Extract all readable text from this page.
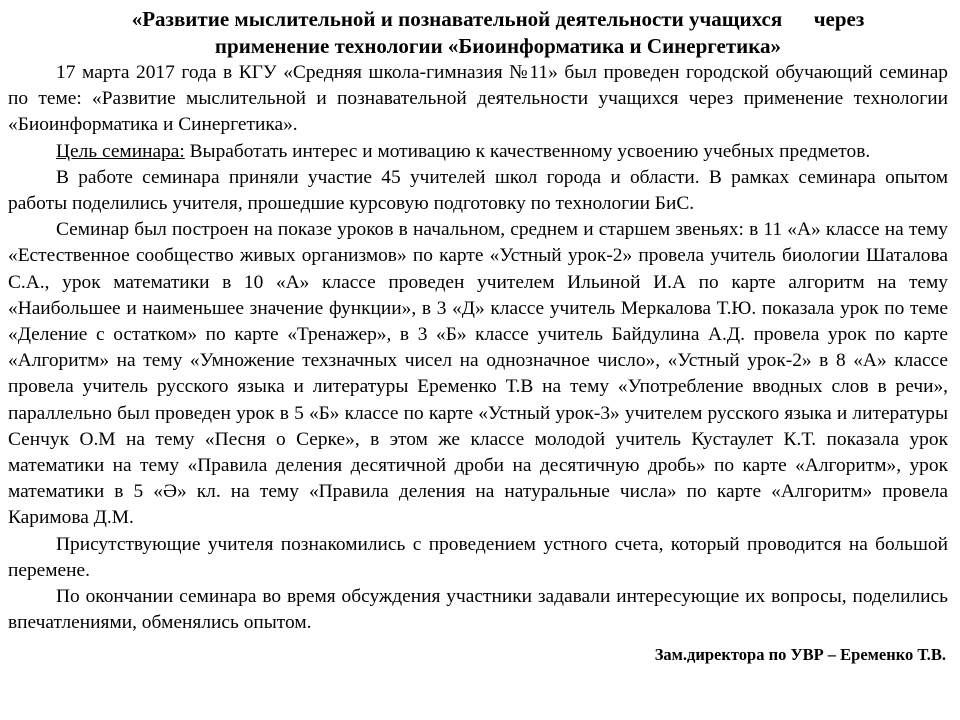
«Развитие мыслительной и познавательной деятельности учащихся      через
применение технологии «Биоинформатика и Синергетика»

17 марта 2017 года в КГУ «Средняя школа-гимназия №11» был проведен городской обучающий семинар по теме: «Развитие мыслительной и познавательной деятельности учащихся через применение технологии «Биоинформатика и Синергетика».

Цель семинара: Выработать интерес и мотивацию к качественному усвоению учебных предметов.

В работе семинара приняли участие 45 учителей школ города и области. В рамках семинара опытом работы поделились учителя, прошедшие курсовую подготовку по технологии БиС.

Семинар был построен на показе уроков в начальном, среднем и старшем звеньях: в 11 «А» классе на тему «Естественное сообщество живых организмов» по карте «Устный урок-2» провела учитель биологии Шаталова С.А., урок математики в 10 «А» классе проведен учителем Ильиной И.А по карте алгоритм на тему «Наибольшее и наименьшее значение функции», в 3 «Д» классе учитель Меркалова Т.Ю. показала урок по теме «Деление с остатком» по карте «Тренажер», в 3 «Б» классе учитель Байдулина А.Д. провела урок по карте «Алгоритм» на тему «Умножение техзначных чисел на однозначное число», «Устный урок-2» в 8 «А» классе провела учитель русского языка и литературы Еременко Т.В на тему «Употребление вводных слов в речи», параллельно был проведен урок в 5 «Б» классе по карте «Устный урок-3» учителем русского языка и литературы Сенчук О.М на тему «Песня о Серке», в этом же классе молодой учитель Кустаулет К.Т. показала урок математики на тему «Правила деления десятичной дроби на десятичную дробь» по карте «Алгоритм», урок математики в 5 «Ә» кл. на тему «Правила деления на натуральные числа» по карте «Алгоритм» провела Каримова Д.М.

Присутствующие учителя познакомились с проведением устного счета, который проводится на большой перемене.

По окончании семинара во время обсуждения участники задавали интересующие их вопросы, поделились впечатлениями, обменялись опытом.

Зам.директора по УВР – Еременко Т.В.
